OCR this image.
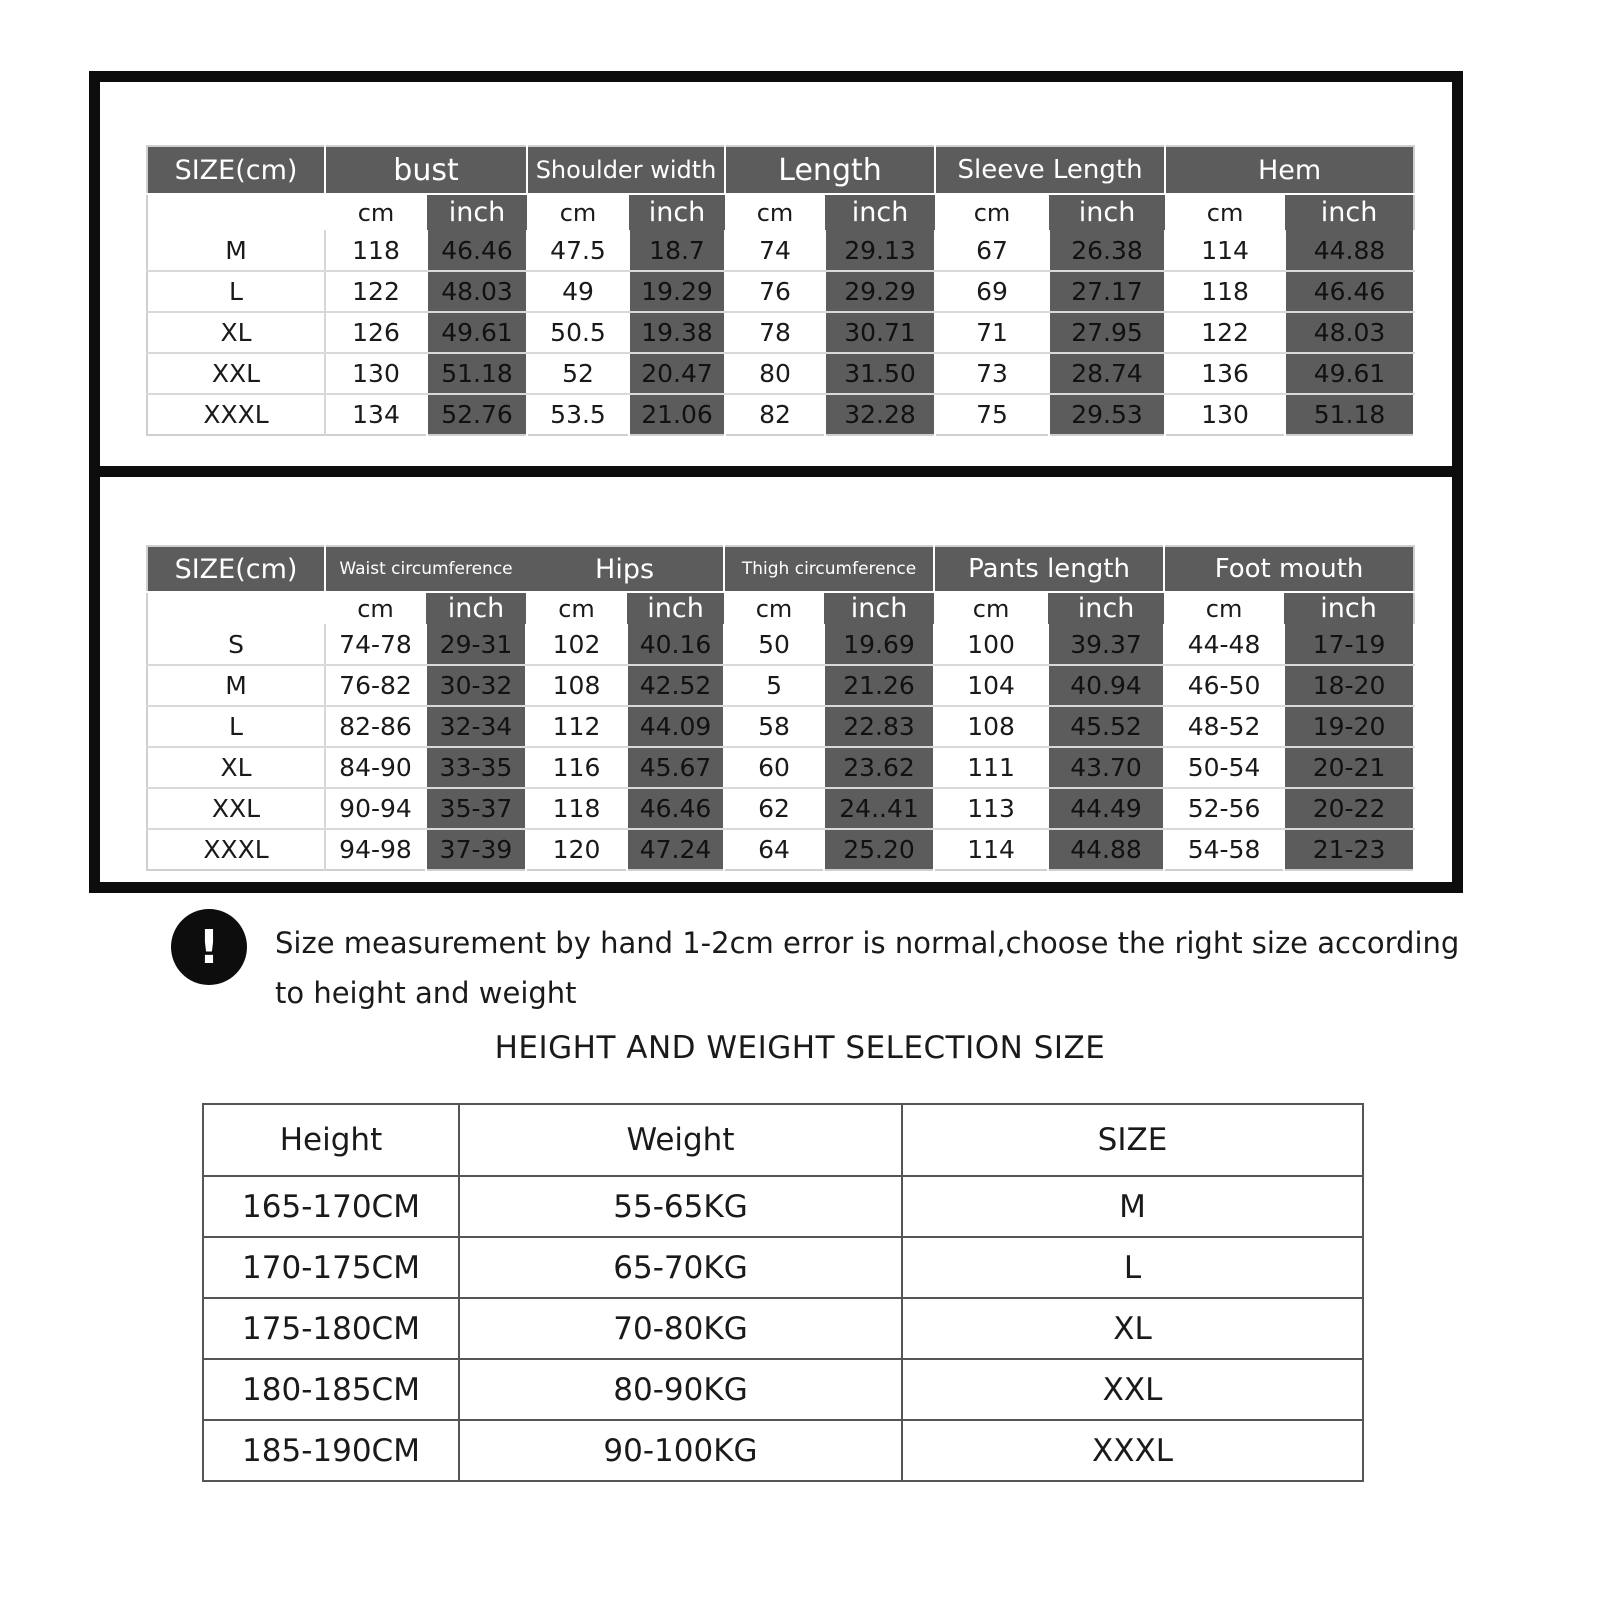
SIZE(cm)	bust		Shoulder width		Length		Sleeve Length		Hem	
	cm	inch	cm	inch	cm	inch	cm	inch	cm	inch
M	118	46.46	47.5	18.7	74	29.13	67	26.38	114	44.88
L	122	48.03	49	19.29	76	29.29	69	27.17	118	46.46
XL	126	49.61	50.5	19.38	78	30.71	71	27.95	122	48.03
XXL	130	51.18	52	20.47	80	31.50	73	28.74	136	49.61
XXXL	134	52.76	53.5	21.06	82	32.28	75	29.53	130	51.18
SIZE(cm)	Waist circumference		Hips		Thigh circumference		Pants length		Foot mouth	
	cm	inch	cm	inch	cm	inch	cm	inch	cm	inch
S	74-78	29-31	102	40.16	50	19.69	100	39.37	44-48	17-19
M	76-82	30-32	108	42.52	5	21.26	104	40.94	46-50	18-20
L	82-86	32-34	112	44.09	58	22.83	108	45.52	48-52	19-20
XL	84-90	33-35	116	45.67	60	23.62	111	43.70	50-54	20-21
XXL	90-94	35-37	118	46.46	62	24..41	113	44.49	52-56	20-22
XXXL	94-98	37-39	120	47.24	64	25.20	114	44.88	54-58	21-23
!	Size measurement by hand 1-2cm error is normal,choose the right size according to height and weight
HEIGHT AND WEIGHT SELECTION SIZE
Height	Weight	SIZE
165-170CM	55-65KG	M
170-175CM	65-70KG	L
175-180CM	70-80KG	XL
180-185CM	80-90KG	XXL
185-190CM	90-100KG	XXXL
